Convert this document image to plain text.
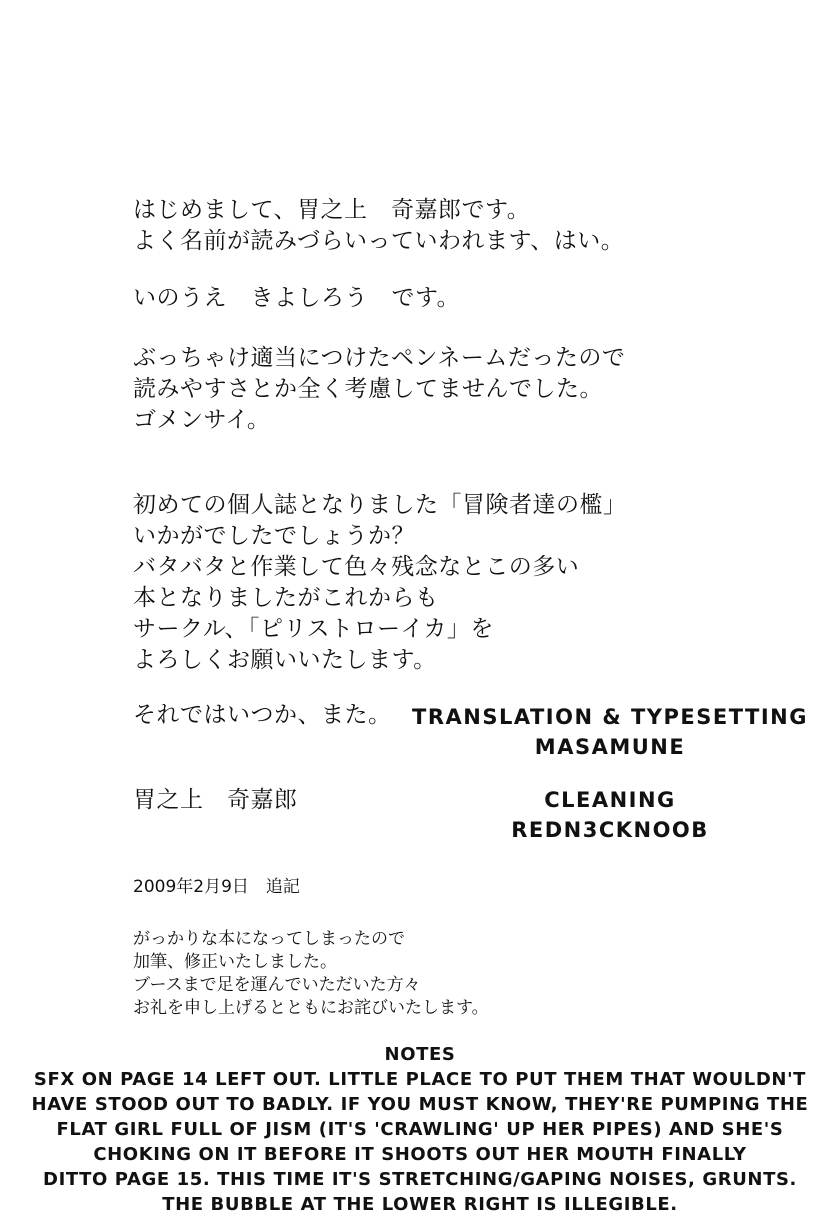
はじめまして、胃之上　奇嘉郎です。
よく名前が読みづらいっていわれます、はい。
いのうえ　きよしろう　です。
ぶっちゃけ適当につけたペンネームだったので
読みやすさとか全く考慮してませんでした。
ゴメンサイ。
初めての個人誌となりました「冒険者達の檻」
いかがでしたでしょうか？
バタバタと作業して色々残念なとこの多い
本となりましたがこれからも
サークル、「ピリストローイカ」を
よろしくお願いいたします。
それではいつか、また。
胃之上　奇嘉郎
2009年2月9日　追記
がっかりな本になってしまったので
加筆、修正いたしました。
ブースまで足を運んでいただいた方々
お礼を申し上げるとともにお詫びいたします。
TRANSLATION & TYPESETTING
MASAMUNE
CLEANING
REDN3CKNOOB
NOTES
SFX ON PAGE 14 LEFT OUT. LITTLE PLACE TO PUT THEM THAT WOULDN'T
HAVE STOOD OUT TO BADLY. IF YOU MUST KNOW, THEY'RE PUMPING THE
FLAT GIRL FULL OF JISM (IT'S 'CRAWLING' UP HER PIPES) AND SHE'S
CHOKING ON IT BEFORE IT SHOOTS OUT HER MOUTH FINALLY
DITTO PAGE 15. THIS TIME IT'S STRETCHING/GAPING NOISES, GRUNTS.
THE BUBBLE AT THE LOWER RIGHT IS ILLEGIBLE.
